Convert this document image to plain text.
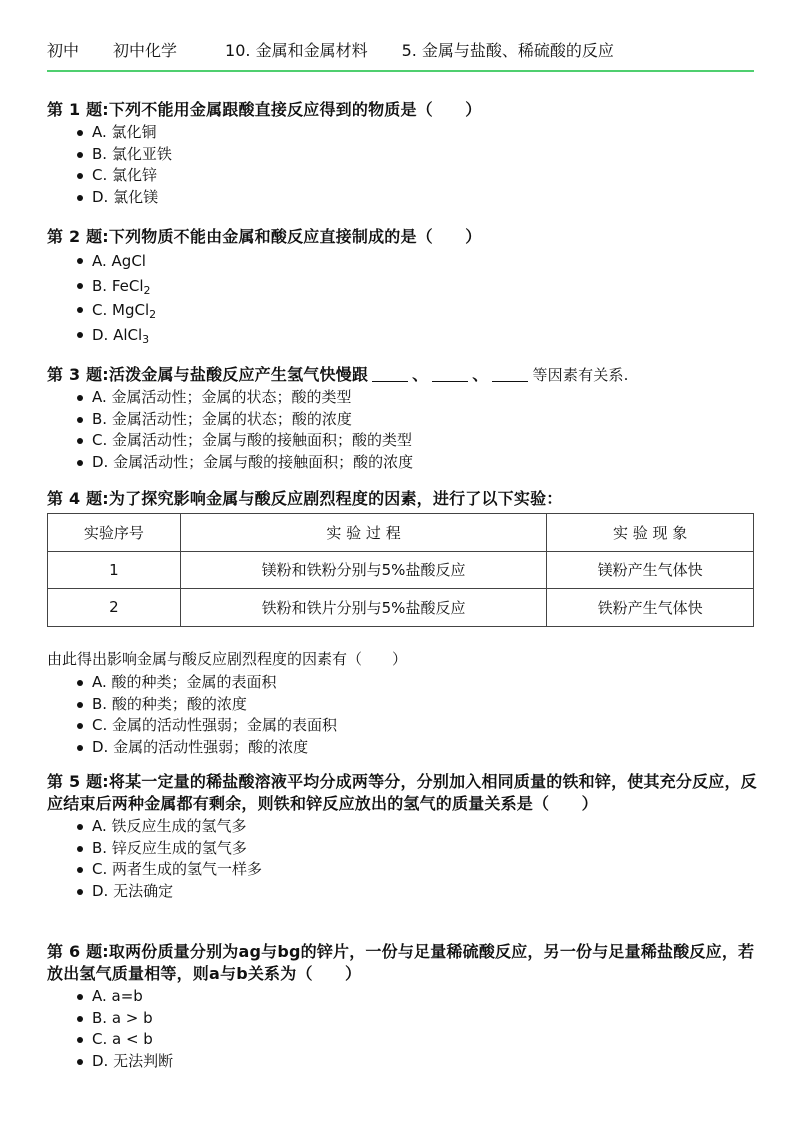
初中 初中化学	10. 金属和金属材料 5. 金属与盐酸、稀硫酸的反应
第 1 题:下列不能用金属跟酸直接反应得到的物质是（　　）
A. 氯化铜
B. 氯化亚铁
C. 氯化锌
D. 氯化镁
第 2 题:下列物质不能由金属和酸反应直接制成的是（　　）
A. AgCl
B. FeCl$_2$
C. MgCl$_2$
D. AlCl$_3$
第 3 题:活泼金属与盐酸反应产生氢气快慢跟	、	、	等因素有关系.
A. 金属活动性；金属的状态；酸的类型
B. 金属活动性；金属的状态；酸的浓度
C. 金属活动性；金属与酸的接触面积；酸的类型
D. 金属活动性；金属与酸的接触面积；酸的浓度
第 4 题:为了探究影响金属与酸反应剧烈程度的因素，进行了以下实验：
实验序号	实 验 过 程	实 验 现 象
1	镁粉和铁粉分别与5%盐酸反应	镁粉产生气体快
2	铁粉和铁片分别与5%盐酸反应	铁粉产生气体快
由此得出影响金属与酸反应剧烈程度的因素有（　　）
A. 酸的种类；金属的表面积
B. 酸的种类；酸的浓度
C. 金属的活动性强弱；金属的表面积
D. 金属的活动性强弱；酸的浓度
第 5 题:将某一定量的稀盐酸溶液平均分成两等分，分别加入相同质量的铁和锌，使其充分反应，反应结束后两种金属都有剩余，则铁和锌反应放出的氢气的质量关系是（　　）
A. 铁反应生成的氢气多
B. 锌反应生成的氢气多
C. 两者生成的氢气一样多
D. 无法确定
第 6 题:取两份质量分别为ag与bg的锌片，一份与足量稀硫酸反应，另一份与足量稀盐酸反应，若放出氢气质量相等，则a与b关系为（　　）
A. a=b
B. a > b
C. a < b
D. 无法判断
